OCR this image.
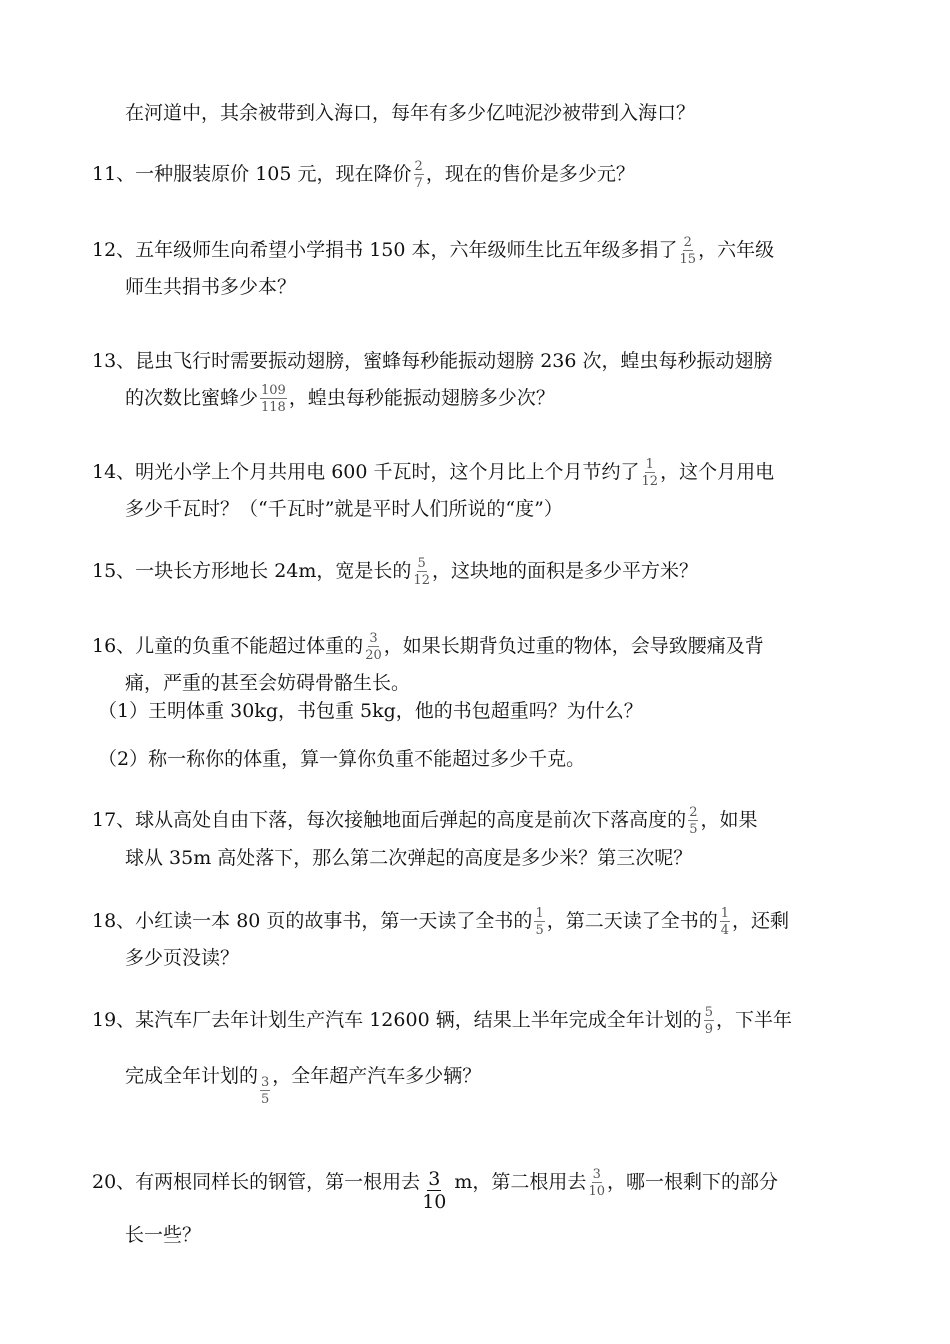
在河道中，其余被带到入海口，每年有多少亿吨泥沙被带到入海口？
11、一种服装原价 105 元，现在降价 $\frac{2}{7}$ ，现在的售价是多少元？
12、五年级师生向希望小学捐书 150 本，六年级师生比五年级多捐了 $\frac{2}{15}$ ，六年级
师生共捐书多少本？
13、昆虫飞行时需要振动翅膀，蜜蜂每秒能振动翅膀 236 次，蝗虫每秒振动翅膀
的次数比蜜蜂少 $\frac{109}{118}$ ，蝗虫每秒能振动翅膀多少次？
14、明光小学上个月共用电 600 千瓦时，这个月比上个月节约了 $\frac{1}{12}$ ，这个月用电
多少千瓦时？（“千瓦时”就是平时人们所说的“度”）
15、一块长方形地长 24m，宽是长的 $\frac{5}{12}$ ，这块地的面积是多少平方米？
16、儿童的负重不能超过体重的 $\frac{3}{20}$ ，如果长期背负过重的物体，会导致腰痛及背
痛，严重的甚至会妨碍骨骼生长。
（1）王明体重 30kg，书包重 5kg，他的书包超重吗？为什么？
（2）称一称你的体重，算一算你负重不能超过多少千克。
17、球从高处自由下落，每次接触地面后弹起的高度是前次下落高度的 $\frac{2}{5}$ ，如果
球从 35m 高处落下，那么第二次弹起的高度是多少米？第三次呢？
18、小红读一本 80 页的故事书，第一天读了全书的 $\frac{1}{5}$ ，第二天读了全书的 $\frac{1}{4}$ ，还剩
多少页没读？
19、某汽车厂去年计划生产汽车 12600 辆，结果上半年完成全年计划的 $\frac{5}{9}$ ，下半年
完成全年计划的 $\frac{3}{5}$ ，全年超产汽车多少辆？
20、有两根同样长的钢管，第一根用去 $\frac{3}{10}$ m，第二根用去 $\frac{3}{10}$ ，哪一根剩下的部分
长一些？
